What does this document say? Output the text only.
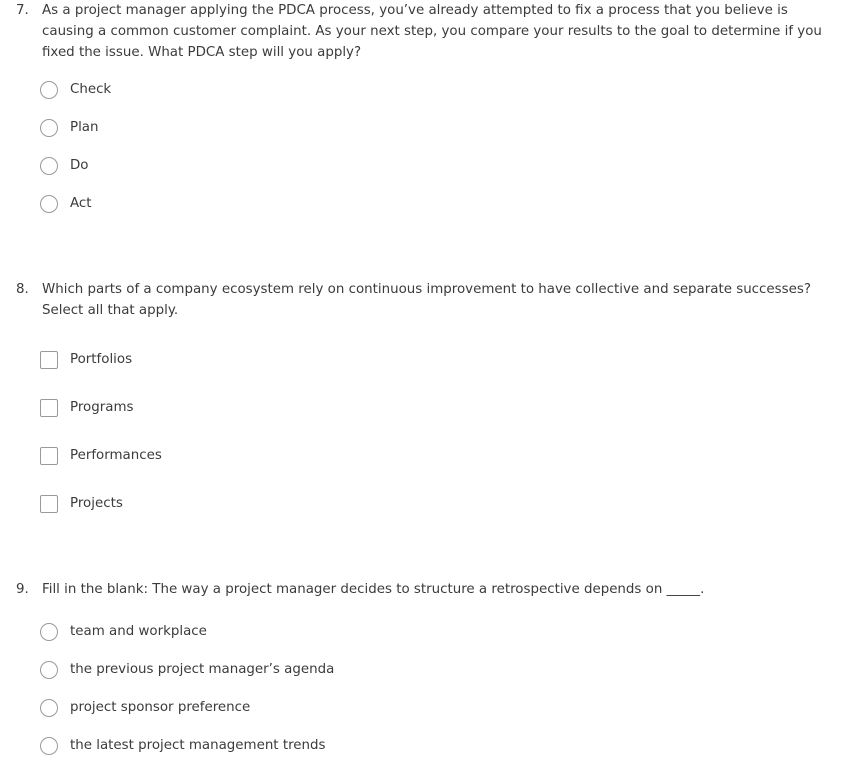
7. As a project manager applying the PDCA process, you’ve already attempted to fix a process that you believe is causing a common customer complaint. As your next step, you compare your results to the goal to determine if you fixed the issue. What PDCA step will you apply?
Check
Plan
Do
Act
8. Which parts of a company ecosystem rely on continuous improvement to have collective and separate successes? Select all that apply.
Portfolios
Programs
Performances
Projects
9. Fill in the blank: The way a project manager decides to structure a retrospective depends on _____.
team and workplace
the previous project manager’s agenda
project sponsor preference
the latest project management trends
